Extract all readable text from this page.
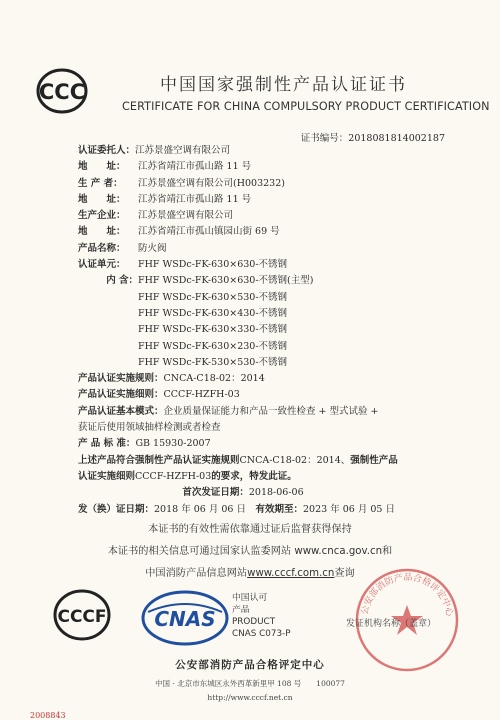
CCC	中国国家强制性产品认证证书
CERTIFICATE FOR CHINA COMPULSORY PRODUCT CERTIFICATION
证书编号：2018081814002187
认证委托人：江苏景盛空调有限公司
地　　址： 江苏省靖江市孤山路 11 号
生 产 者： 江苏景盛空调有限公司(H003232)
地　　址： 江苏省靖江市孤山路 11 号
生产企业： 江苏景盛空调有限公司
地　　址： 江苏省靖江市孤山镇园山街 69 号
产品名称： 防火阀
认证单元： FHF WSDc-FK-630×630-不锈钢
内 含：FHF WSDc-FK-630×630-不锈钢(主型)
FHF WSDc-FK-630×530-不锈钢
FHF WSDc-FK-630×430-不锈钢
FHF WSDc-FK-630×330-不锈钢
FHF WSDc-FK-630×230-不锈钢
FHF WSDc-FK-530×530-不锈钢
产品认证实施规则：CNCA-C18-02：2014
产品认证实施细则：CCCF-HZFH-03
产品认证基本模式：企业质量保证能力和产品一致性检查 + 型式试验 +
获证后使用领域抽样检测或者检查
产 品 标 准：GB 15930-2007
上述产品符合强制性产品认证实施规则CNCA-C18-02：2014、强制性产品
认证实施细则CCCF-HZFH-03的要求，特发此证。
首次发证日期：2018-06-06
发（换）证日期：2018 年 06 月 06 日　 有效期至：2023 年 06 月 05 日
本证书的有效性需依靠通过证后监督获得保持
本证书的相关信息可通过国家认监委网站 www.cnca.gov.cn和
中国消防产品信息网站www.cccf.com.cn查询
CCCF CNAS
中国认可
产品
PRODUCT
CNAS C073-P
公安部消防产品合格评定中心
发证机构名称（盖章）
公安部消防产品合格评定中心
中国 · 北京市东城区永外西革新里甲 108 号　　100077
http://www.cccf.net.cn
2008843
